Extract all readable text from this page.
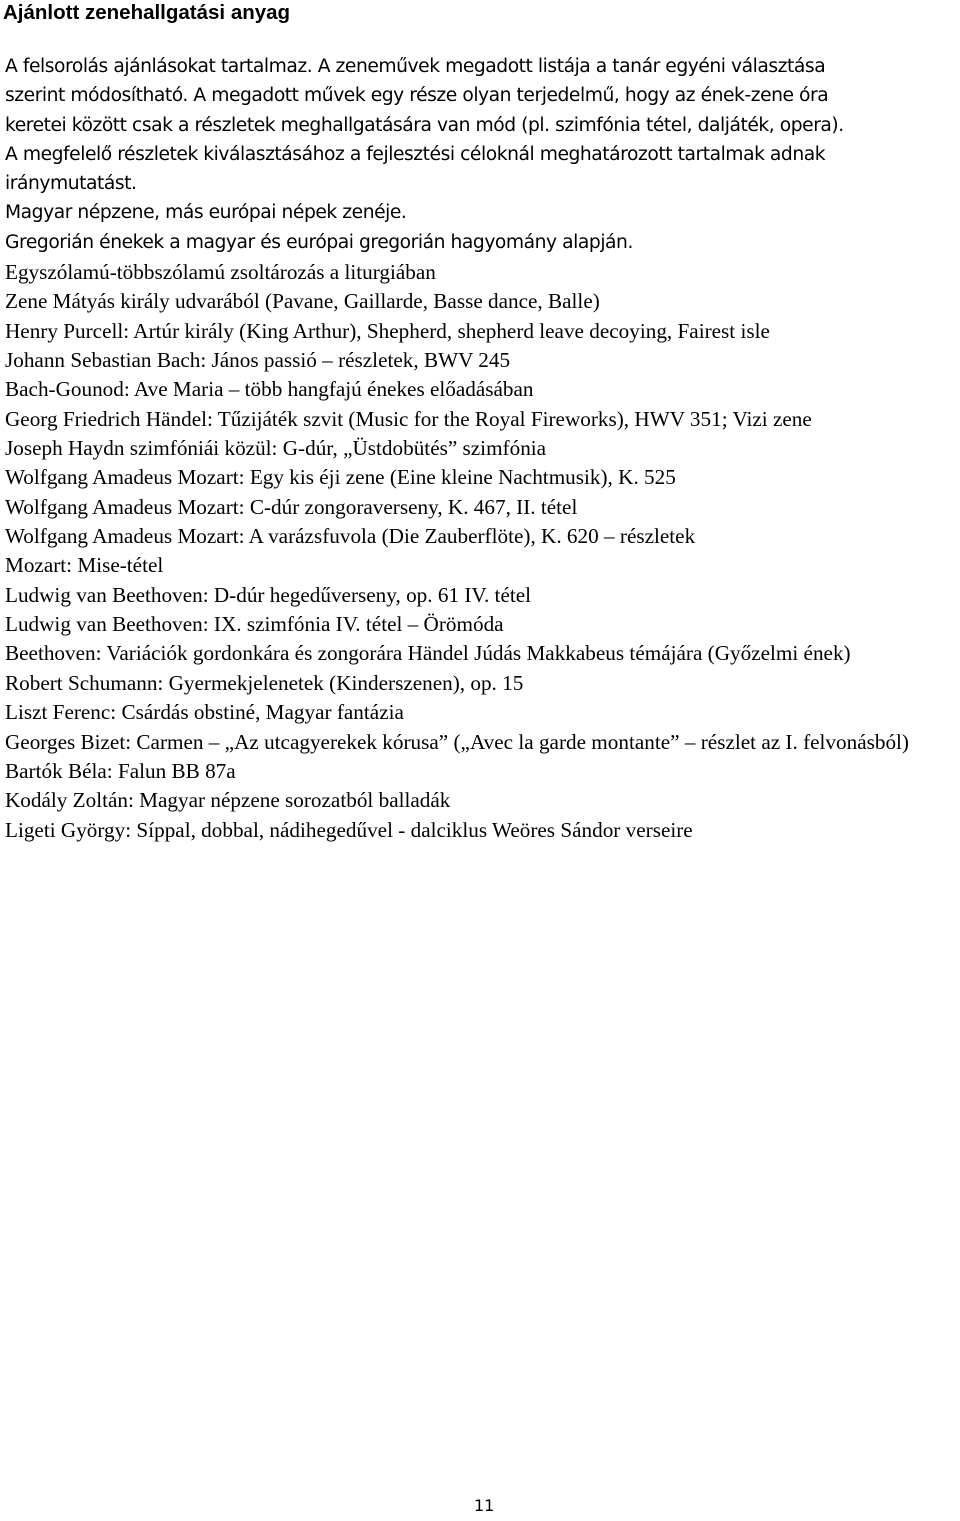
Ajánlott zenehallgatási anyag
A felsorolás ajánlásokat tartalmaz. A zeneművek megadott listája a tanár egyéni választása
szerint módosítható. A megadott művek egy része olyan terjedelmű, hogy az ének-zene óra
keretei között csak a részletek meghallgatására van mód (pl. szimfónia tétel, daljáték, opera).
A megfelelő részletek kiválasztásához a fejlesztési céloknál meghatározott tartalmak adnak
iránymutatást.
Magyar népzene, más európai népek zenéje.
Gregorián énekek a magyar és európai gregorián hagyomány alapján.
Egyszólamú-többszólamú zsoltározás a liturgiában
Zene Mátyás király udvarából (Pavane, Gaillarde, Basse dance, Balle)
Henry Purcell: Artúr király (King Arthur), Shepherd, shepherd leave decoying, Fairest isle
Johann Sebastian Bach: János passió – részletek, BWV 245
Bach-Gounod: Ave Maria – több hangfajú énekes előadásában
Georg Friedrich Händel: Tűzijáték szvit (Music for the Royal Fireworks), HWV 351; Vizi zene
Joseph Haydn szimfóniái közül: G-dúr, „Üstdobütés” szimfónia
Wolfgang Amadeus Mozart: Egy kis éji zene (Eine kleine Nachtmusik), K. 525
Wolfgang Amadeus Mozart: C-dúr zongoraverseny, K. 467, II. tétel
Wolfgang Amadeus Mozart: A varázsfuvola (Die Zauberflöte), K. 620 – részletek
Mozart: Mise-tétel
Ludwig van Beethoven: D-dúr hegedűverseny, op. 61 IV. tétel
Ludwig van Beethoven: IX. szimfónia IV. tétel – Örömóda
Beethoven: Variációk gordonkára és zongorára Händel Júdás Makkabeus témájára (Győzelmi ének)
Robert Schumann: Gyermekjelenetek (Kinderszenen), op. 15
Liszt Ferenc: Csárdás obstiné, Magyar fantázia
Georges Bizet: Carmen – „Az utcagyerekek kórusa” („Avec la garde montante” – részlet az I. felvonásból)
Bartók Béla: Falun BB 87a
Kodály Zoltán: Magyar népzene sorozatból balladák
Ligeti György: Síppal, dobbal, nádihegedűvel - dalciklus Weöres Sándor verseire
11
